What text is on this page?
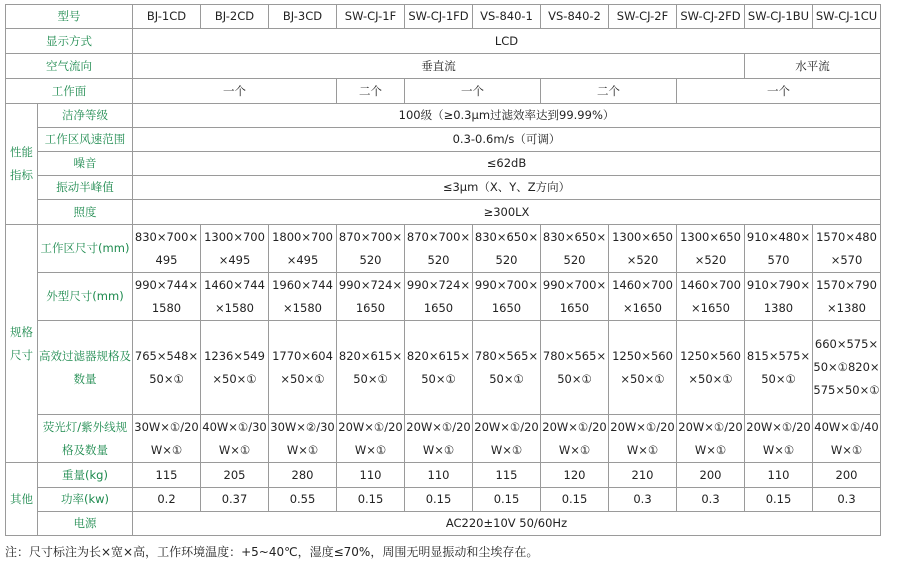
型号		BJ-1CD	BJ-2CD	BJ-3CD	SW-CJ-1F	SW-CJ-1FD	VS-840-1	VS-840-2	SW-CJ-2F	SW-CJ-2FD	SW-CJ-1BU	SW-CJ-1CU
显示方式		LCD										
空气流向		垂直流									水平流	
工作面		一个			二个	一个		二个		一个		
性能
指标	洁净等级	100级（≥0.3μm过滤效率达到99.99%）										
	工作区风速范围	0.3-0.6m/s（可调）										
	噪音	≤62dB										
	振动半峰值	≤3μm（X、Y、Z方向）										
	照度	≥300LX										
规格
尺寸	工作区尺寸(mm)	830×700×495	1300×700×495	1800×700×495	870×700×520	870×700×520	830×650×520	830×650×520	1300×650×520	1300×650×520	910×480×570	1570×480×570
	外型尺寸(mm)	990×744×1580	1460×744×1580	1960×744×1580	990×724×1650	990×724×1650	990×700×1650	990×700×1650	1460×700×1650	1460×700×1650	910×790×1380	1570×790×1380
	高效过滤器规格及数量	765×548×50×①	1236×549×50×①	1770×604×50×①	820×615×50×①	820×615×50×①	780×565×50×①	780×565×50×①	1250×560×50×①	1250×560×50×①	815×575×50×①	660×575×50×①820×575×50×①
	荧光灯/紫外线规格及数量	30W×①/20W×①	40W×①/30W×①	30W×②/30W×①	20W×①/20W×①	20W×①/20W×①	20W×①/20W×①	20W×①/20W×①	20W×①/20W×①	20W×①/20W×①	20W×①/20W×①	40W×①/40W×①
其他	重量(kg)	115	205	280	110	110	115	120	210	200	110	200
	功率(kw)	0.2	0.37	0.55	0.15	0.15	0.15	0.15	0.3	0.3	0.15	0.3
	电源	AC220±10V 50/60Hz										
注：尺寸标注为长×宽×高，工作环境温度：+5~40℃，湿度≤70%，周围无明显振动和尘埃存在。
